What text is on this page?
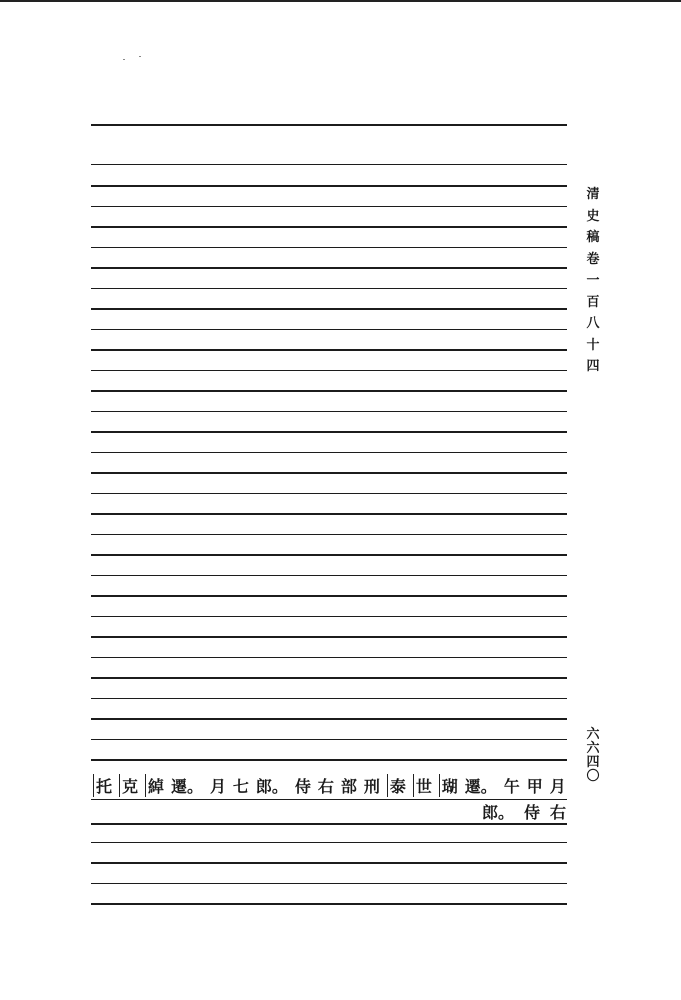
清
史
稿
卷
一
百
八
十
四
六
六
四
〇
托 克 綽 遷。 月 七 郎。 侍 右 部 刑 泰 世 瑚 遷。 午 甲 月
郎。 侍 右
